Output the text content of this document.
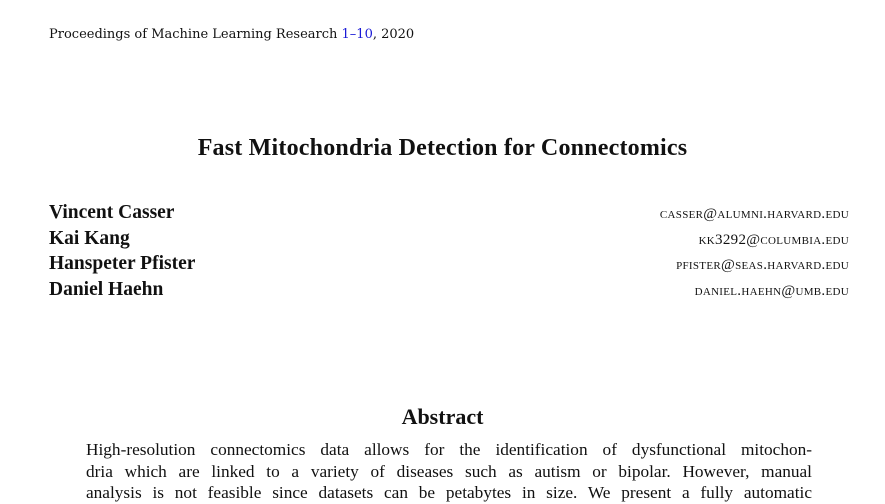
Proceedings of Machine Learning Research 1–10, 2020
Fast Mitochondria Detection for Connectomics
Vincent Casser	casser@alumni.harvard.edu
Kai Kang	kk3292@columbia.edu
Hanspeter Pfister	pfister@seas.harvard.edu
Daniel Haehn	daniel.haehn@umb.edu
Abstract
High-resolution connectomics data allows for the identification of dysfunctional mitochon-
dria which are linked to a variety of diseases such as autism or bipolar. However, manual
analysis is not feasible since datasets can be petabytes in size. We present a fully automatic
